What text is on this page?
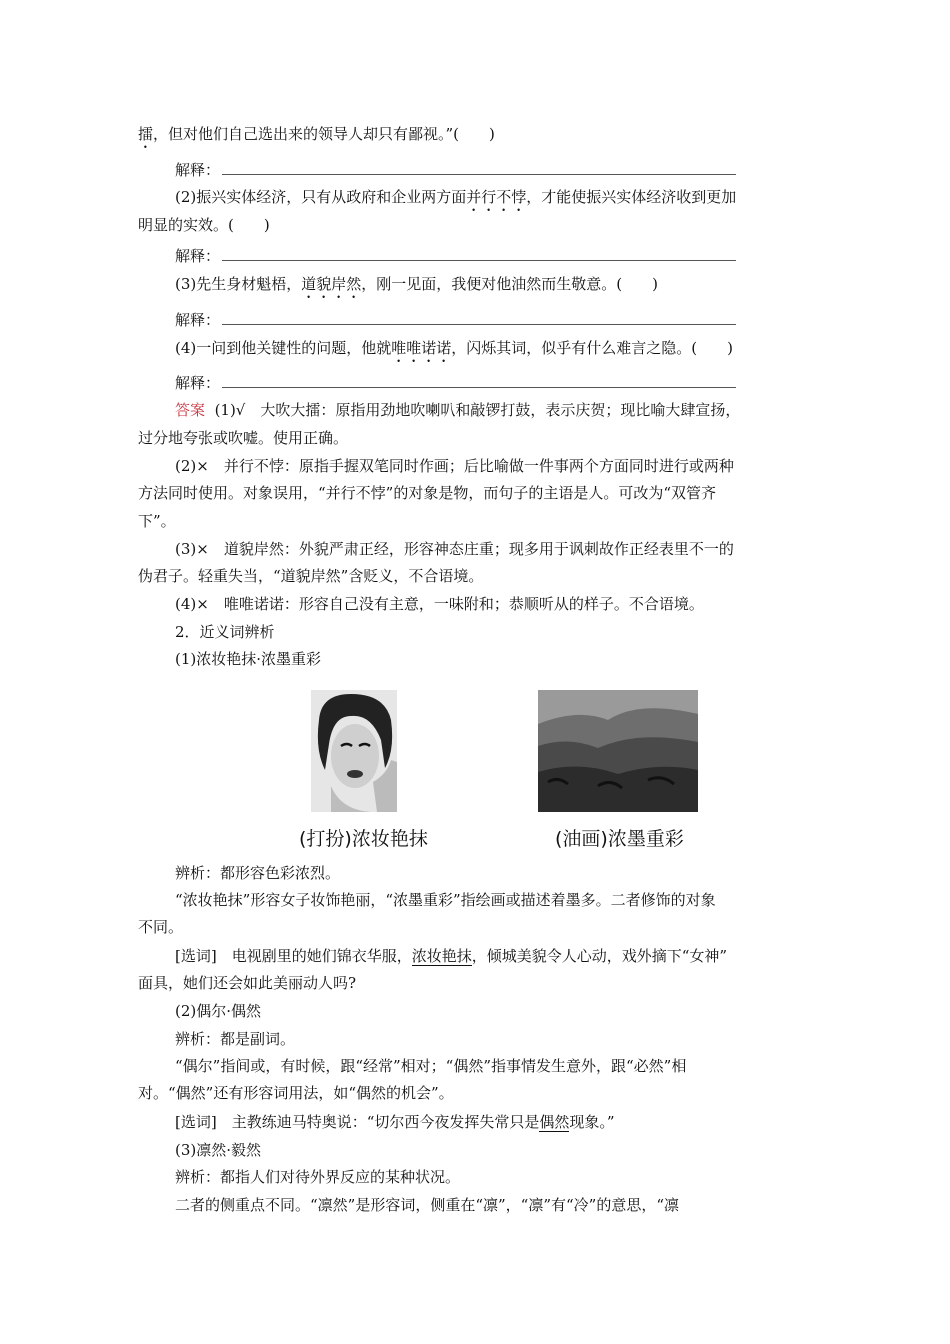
擂，但对他们自己选出来的领导人却只有鄙视。”(　　)
解释：
(2)振兴实体经济，只有从政府和企业两方面并行不悖，才能使振兴实体经济收到更加
明显的实效。(　　)
解释：
(3)先生身材魁梧，道貌岸然，刚一见面，我便对他油然而生敬意。(　　)
解释：
(4)一问到他关键性的问题，他就唯唯诺诺，闪烁其词，似乎有什么难言之隐。(　　)
解释：
答案 (1)√　大吹大擂：原指用劲地吹喇叭和敲锣打鼓，表示庆贺；现比喻大肆宣扬，
过分地夸张或吹嘘。使用正确。
(2)×　并行不悖：原指手握双笔同时作画；后比喻做一件事两个方面同时进行或两种
方法同时使用。对象误用，“并行不悖”的对象是物，而句子的主语是人。可改为“双管齐
下”。
(3)×　道貌岸然：外貌严肃正经，形容神态庄重；现多用于讽刺故作正经表里不一的
伪君子。轻重失当，“道貌岸然”含贬义，不合语境。
(4)×　唯唯诺诺：形容自己没有主意，一味附和；恭顺听从的样子。不合语境。
2．近义词辨析
(1)浓妆艳抹·浓墨重彩
(打扮)浓妆艳抹	(油画)浓墨重彩
辨析：都形容色彩浓烈。
“浓妆艳抹”形容女子妆饰艳丽，“浓墨重彩”指绘画或描述着墨多。二者修饰的对象
不同。
[选词]　电视剧里的她们锦衣华服，浓妆艳抹，倾城美貌令人心动，戏外摘下“女神”
面具，她们还会如此美丽动人吗?
(2)偶尔·偶然
辨析：都是副词。
“偶尔”指间或，有时候，跟“经常”相对；“偶然”指事情发生意外，跟“必然”相
对。“偶然”还有形容词用法，如“偶然的机会”。
[选词]　主教练迪马特奥说：“切尔西今夜发挥失常只是偶然现象。”
(3)凛然·毅然
辨析：都指人们对待外界反应的某种状况。
二者的侧重点不同。“凛然”是形容词，侧重在“凛”，“凛”有“冷”的意思，“凛
